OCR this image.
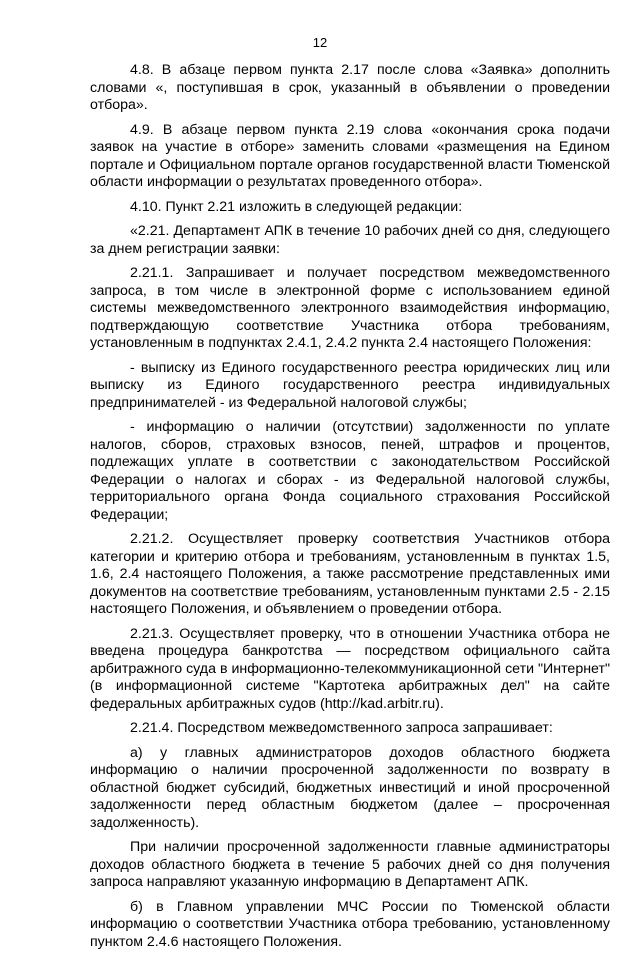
12

4.8. В абзаце первом пункта 2.17 после слова «Заявка» дополнить словами «, поступившая в срок, указанный в объявлении о проведении отбора».

4.9. В абзаце первом пункта 2.19 слова «окончания срока подачи заявок на участие в отборе» заменить словами «размещения на Едином портале и Официальном портале органов государственной власти Тюменской области информации о результатах проведенного отбора».

4.10. Пункт 2.21 изложить в следующей редакции:

«2.21. Департамент АПК в течение 10 рабочих дней со дня, следующего за днем регистрации заявки:

2.21.1. Запрашивает и получает посредством межведомственного запроса, в том числе в электронной форме с использованием единой системы межведомственного электронного взаимодействия информацию, подтверждающую соответствие Участника отбора требованиям, установленным в подпунктах 2.4.1, 2.4.2 пункта 2.4 настоящего Положения:

- выписку из Единого государственного реестра юридических лиц или выписку из Единого государственного реестра индивидуальных предпринимателей - из Федеральной налоговой службы;

- информацию о наличии (отсутствии) задолженности по уплате налогов, сборов, страховых взносов, пеней, штрафов и процентов, подлежащих уплате в соответствии с законодательством Российской Федерации о налогах и сборах - из Федеральной налоговой службы, территориального органа Фонда социального страхования Российской Федерации;

2.21.2. Осуществляет проверку соответствия Участников отбора категории и критерию отбора и требованиям, установленным в пунктах 1.5, 1.6, 2.4 настоящего Положения, а также рассмотрение представленных ими документов на соответствие требованиям, установленным пунктами 2.5 - 2.15 настоящего Положения, и объявлением о проведении отбора.

2.21.3. Осуществляет проверку, что в отношении Участника отбора не введена процедура банкротства — посредством официального сайта арбитражного суда в информационно-телекоммуникационной сети "Интернет" (в информационной системе "Картотека арбитражных дел" на сайте федеральных арбитражных судов (http://kad.arbitr.ru).

2.21.4. Посредством межведомственного запроса запрашивает:

а) у главных администраторов доходов областного бюджета информацию о наличии просроченной задолженности по возврату в областной бюджет субсидий, бюджетных инвестиций и иной просроченной задолженности перед областным бюджетом (далее – просроченная задолженность).

При наличии просроченной задолженности главные администраторы доходов областного бюджета в течение 5 рабочих дней со дня получения запроса направляют указанную информацию в Департамент АПК.

б) в Главном управлении МЧС России по Тюменской области информацию о соответствии Участника отбора требованию, установленному пунктом 2.4.6 настоящего Положения.
